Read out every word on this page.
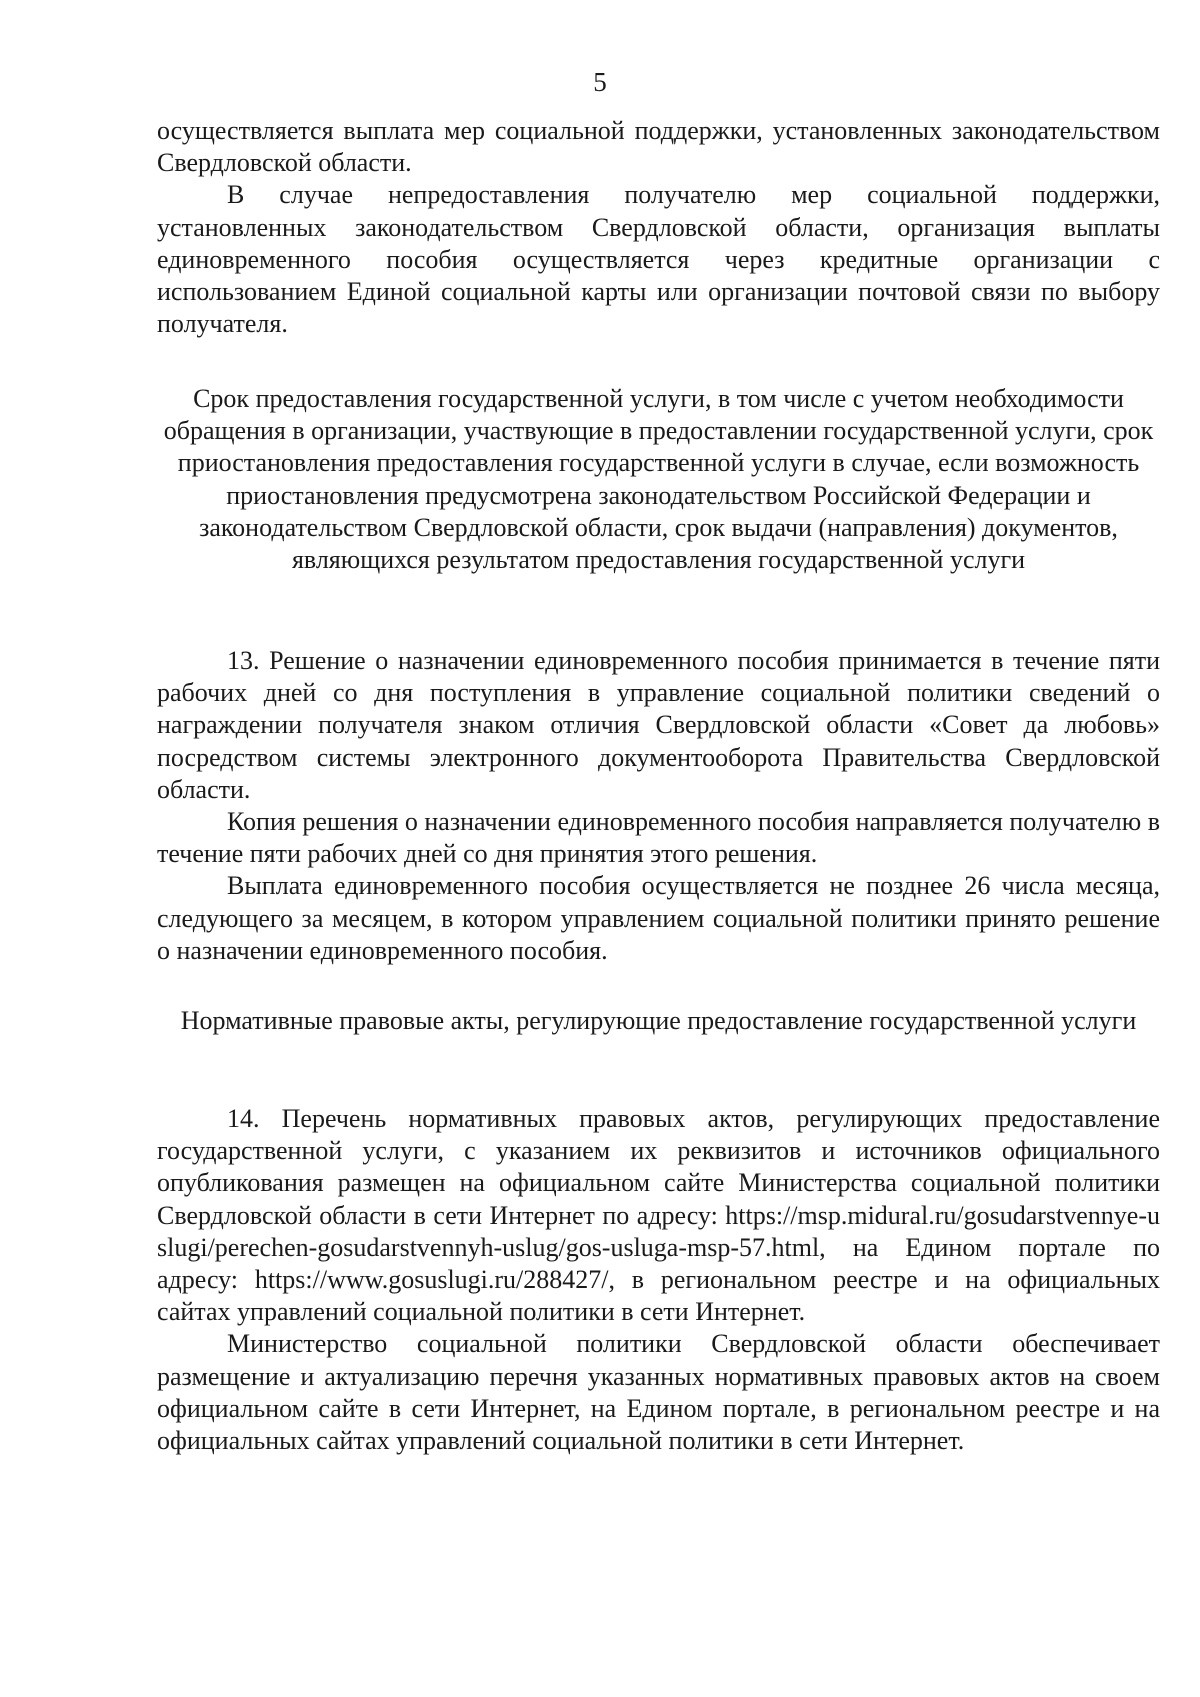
5

осуществляется выплата мер социальной поддержки, установленных законодательством Свердловской области.

В случае непредоставления получателю мер социальной поддержки, установленных законодательством Свердловской области, организация выплаты единовременного пособия осуществляется через кредитные организации с использованием Единой социальной карты или организации почтовой связи по выбору получателя.

Срок предоставления государственной услуги, в том числе с учетом необходимости обращения в организации, участвующие в предоставлении государственной услуги, срок приостановления предоставления государственной услуги в случае, если возможность приостановления предусмотрена законодательством Российской Федерации и законодательством Свердловской области, срок выдачи (направления) документов, являющихся результатом предоставления государственной услуги

13. Решение о назначении единовременного пособия принимается в течение пяти рабочих дней со дня поступления в управление социальной политики сведений о награждении получателя знаком отличия Свердловской области «Совет да любовь» посредством системы электронного документооборота Правительства Свердловской области.

Копия решения о назначении единовременного пособия направляется получателю в течение пяти рабочих дней со дня принятия этого решения.

Выплата единовременного пособия осуществляется не позднее 26 числа месяца, следующего за месяцем, в котором управлением социальной политики принято решение о назначении единовременного пособия.

Нормативные правовые акты, регулирующие предоставление государственной услуги

14. Перечень нормативных правовых актов, регулирующих предоставление государственной услуги, с указанием их реквизитов и источников официального опубликования размещен на официальном сайте Министерства социальной политики Свердловской области в сети Интернет по адресу: https://msp.midural.ru/gosudarstvennye-uslugi/perechen-gosudarstvennyh-uslug/gos-usluga-msp-57.html, на Едином портале по адресу: https://www.gosuslugi.ru/288427/, в региональном реестре и на официальных сайтах управлений социальной политики в сети Интернет.

Министерство социальной политики Свердловской области обеспечивает размещение и актуализацию перечня указанных нормативных правовых актов на своем официальном сайте в сети Интернет, на Едином портале, в региональном реестре и на официальных сайтах управлений социальной политики в сети Интернет.
